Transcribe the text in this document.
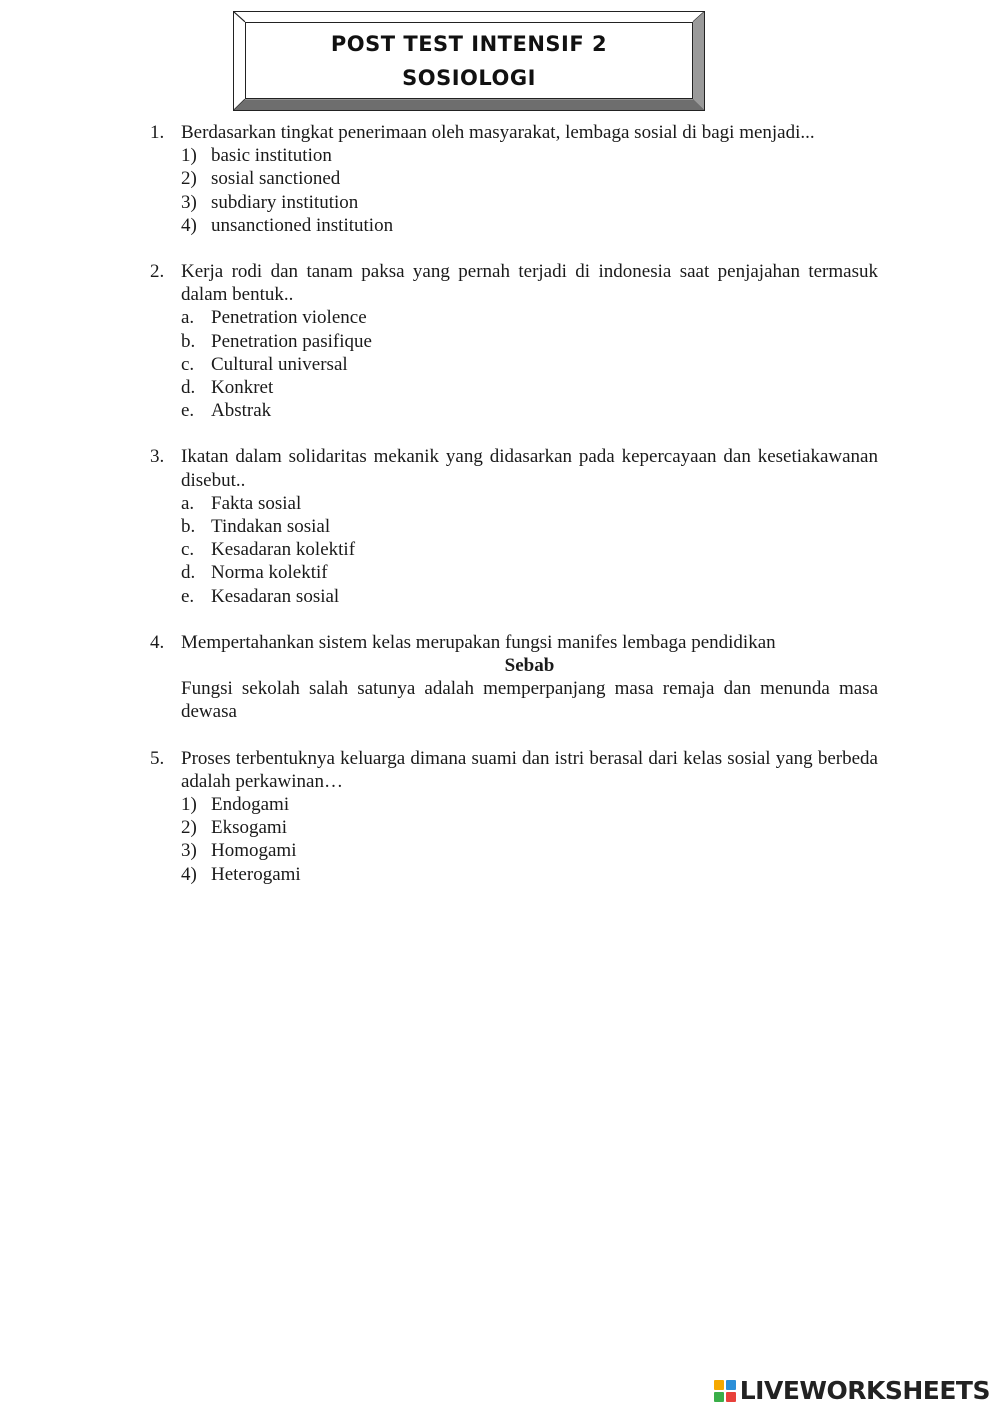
POST TEST INTENSIF 2
SOSIOLOGI
1. Berdasarkan tingkat penerimaan oleh masyarakat, lembaga sosial di bagi menjadi...
1) basic institution
2) sosial sanctioned
3) subdiary institution
4) unsanctioned institution
2. Kerja rodi dan tanam paksa yang pernah terjadi di indonesia saat penjajahan termasuk dalam bentuk..
a. Penetration violence
b. Penetration pasifique
c. Cultural universal
d. Konkret
e. Abstrak
3. Ikatan dalam solidaritas mekanik yang didasarkan pada kepercayaan dan kesetiakawanan disebut..
a. Fakta sosial
b. Tindakan sosial
c. Kesadaran kolektif
d. Norma kolektif
e. Kesadaran sosial
4. Mempertahankan sistem kelas merupakan fungsi manifes lembaga pendidikan
Sebab
Fungsi sekolah salah satunya adalah memperpanjang masa remaja dan menunda masa dewasa
5. Proses terbentuknya keluarga dimana suami dan istri berasal dari kelas sosial yang berbeda adalah perkawinan…
1) Endogami
2) Eksogami
3) Homogami
4) Heterogami
LIVEWORKSHEETS
